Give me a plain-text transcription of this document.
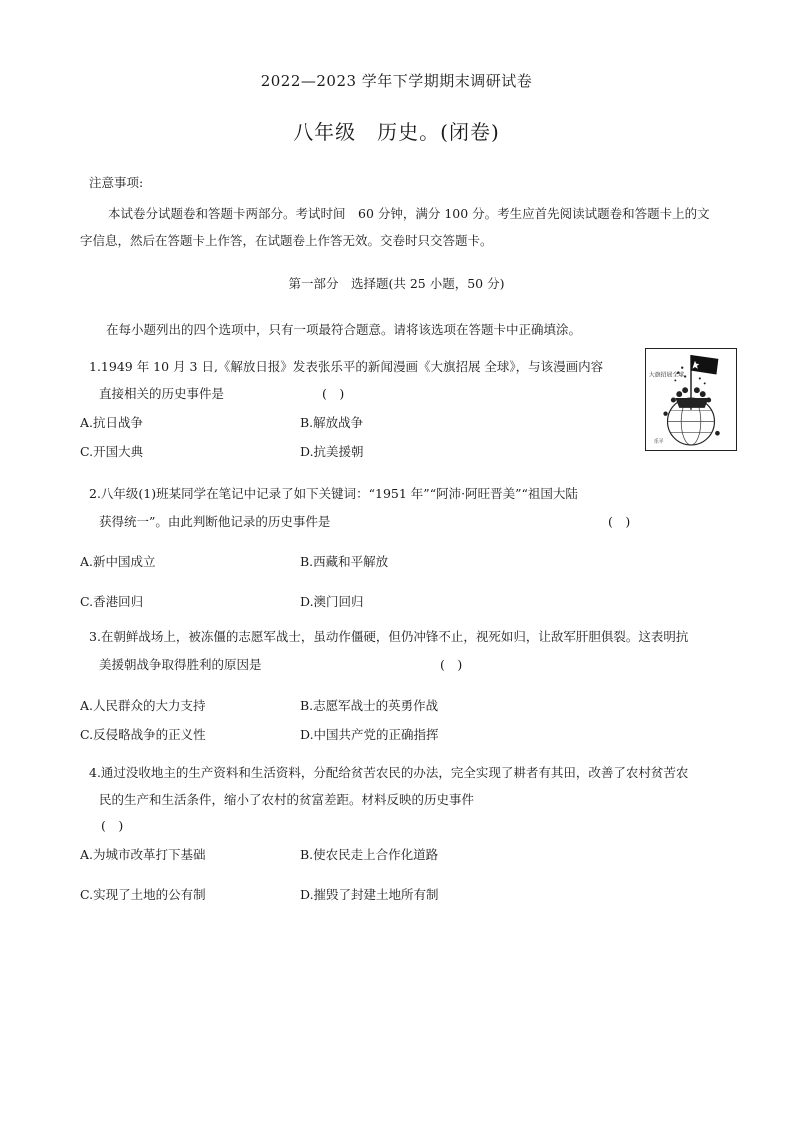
2022—2023 学年下学期期末调研试卷
八年级　历史。(闭卷)
注意事项:
本试卷分试题卷和答题卡两部分。考试时间　60 分钟，满分 100 分。考生应首先阅读试题卷和答题卡上的文
字信息，然后在答题卡上作答，在试题卷上作答无效。交卷时只交答题卡。
第一部分　选择题(共 25 小题，50 分)
在每小题列出的四个选项中，只有一项最符合题意。请将该选项在答题卡中正确填涂。
1.1949 年 10 月 3 日,《解放日报》发表张乐平的新闻漫画《大旗招展 全球》，与该漫画内容
直接相关的历史事件是	(　)
A.抗日战争	B.解放战争
C.开国大典	D.抗美援朝
大旗招展全球
乐平
2.八年级(1)班某同学在笔记中记录了如下关键词：“1951 年”“阿沛·阿旺晋美”“祖国大陆
(　)
获得统一”。由此判断他记录的历史事件是
A.新中国成立	B.西藏和平解放
C.香港回归	D.澳门回归
3.在朝鲜战场上，被冻僵的志愿军战士，虽动作僵硬，但仍冲锋不止，视死如归，让敌军肝胆俱裂。这表明抗
美援朝战争取得胜利的原因是	(　)
A.人民群众的大力支持	B.志愿军战士的英勇作战
C.反侵略战争的正义性	D.中国共产党的正确指挥
4.通过没收地主的生产资料和生活资料，分配给贫苦农民的办法，完全实现了耕者有其田，改善了农村贫苦农
民的生产和生活条件，缩小了农村的贫富差距。材料反映的历史事件
(　)
A.为城市改革打下基础	B.使农民走上合作化道路
C.实现了土地的公有制	D.摧毁了封建土地所有制
